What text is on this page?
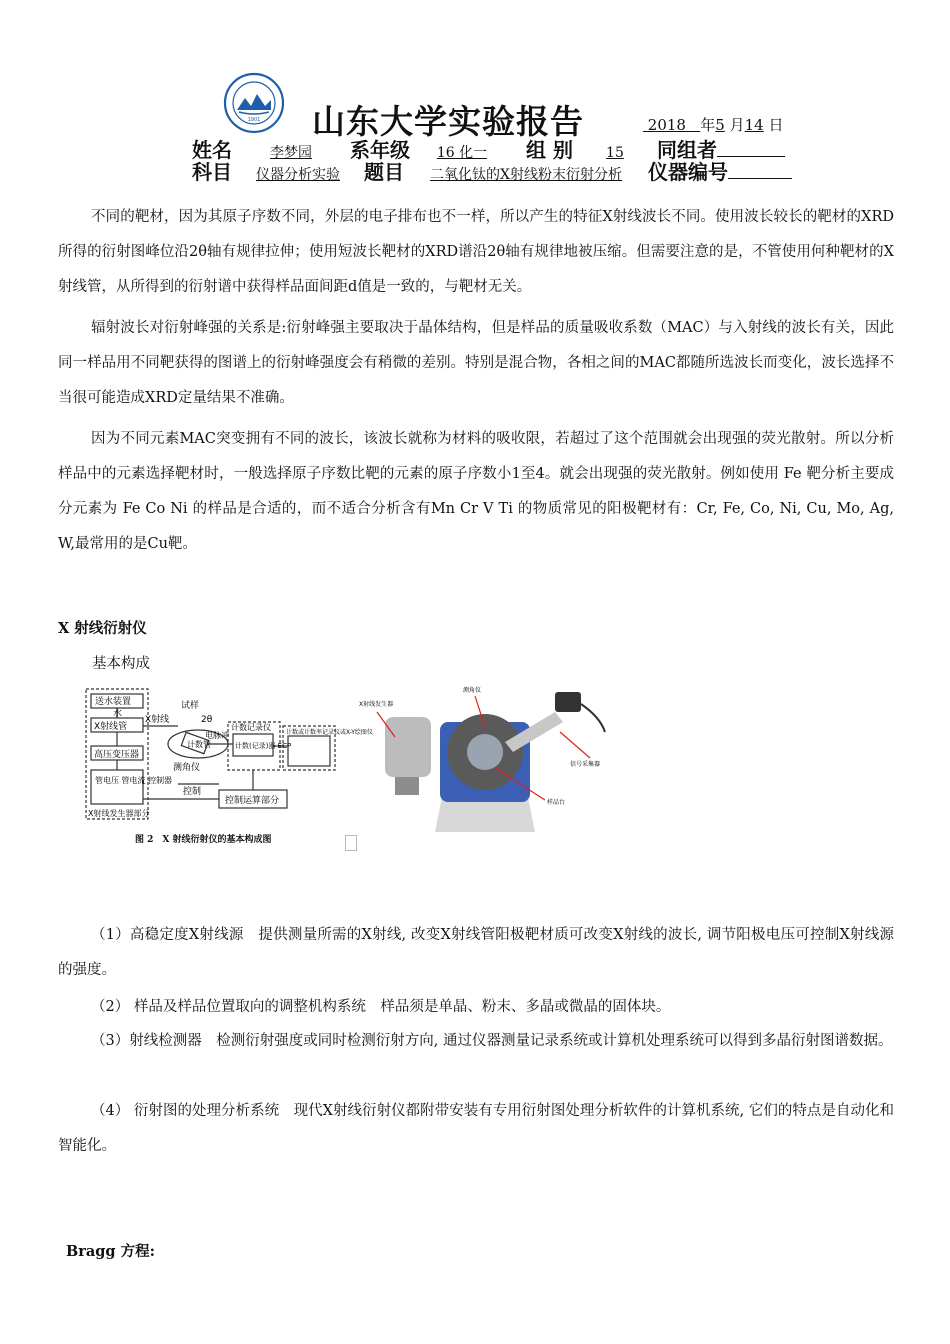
1901 山东大学实验报告	2018 年5 月14 日
姓名	李梦园 系年级 16 化一 组 别 15 同组者
科目 仪器分析实验 题目 二氧化钛的X射线粉末衍射分析 仪器编号
不同的靶材，因为其原子序数不同，外层的电子排布也不一样，所以产生的特征X射线波长不同。使用波长较长的靶材的XRD所得的衍射图峰位沿2θ轴有规律拉伸；使用短波长靶材的XRD谱沿2θ轴有规律地被压缩。但需要注意的是，不管使用何种靶材的X射线管，从所得到的衍射谱中获得样品面间距d值是一致的，与靶材无关。
辐射波长对衍射峰强的关系是:衍射峰强主要取决于晶体结构，但是样品的质量吸收系数（MAC）与入射线的波长有关，因此同一样品用不同靶获得的图谱上的衍射峰强度会有稍微的差别。特别是混合物，各相之间的MAC都随所选波长而变化，波长选择不当很可能造成XRD定量结果不准确。
因为不同元素MAC突变拥有不同的波长，该波长就称为材料的吸收限，若超过了这个范围就会出现强的荧光散射。所以分析样品中的元素选择靶材时，一般选择原子序数比靶的元素的原子序数小1至4。就会出现强的荧光散射。例如使用 Fe 靶分析主要成分元素为 Fe Co Ni 的样品是合适的，而不适合分析含有Mn Cr V Ti 的物质常见的阳极靶材有：Cr, Fe, Co, Ni, Cu, Mo, Ag, W,最常用的是Cu靶。
X 射线衍射仪
基本构成
送水装置
水
X射线管
X射线
试样
2θ
电脉冲
计数管
测角仪
计数记录仪
计数(记录)器 ECP
计数或计数率记录仪或X-Y绘图仪
高压变压器
管电压 管电流 控制器
控制
控制运算部分
X射线发生器部分
图 2　X 射线衍射仪的基本构成图
X射线发生器
测角仪
信号采集器
样品台
（1）高稳定度X射线源　提供测量所需的X射线, 改变X射线管阳极靶材质可改变X射线的波长, 调节阳极电压可控制X射线源的强度。
（2） 样品及样品位置取向的调整机构系统　样品须是单晶、粉末、多晶或微晶的固体块。
（3）射线检测器　检测衍射强度或同时检测衍射方向, 通过仪器测量记录系统或计算机处理系统可以得到多晶衍射图谱数据。
（4） 衍射图的处理分析系统　现代X射线衍射仪都附带安装有专用衍射图处理分析软件的计算机系统, 它们的特点是自动化和智能化。
Bragg 方程:
